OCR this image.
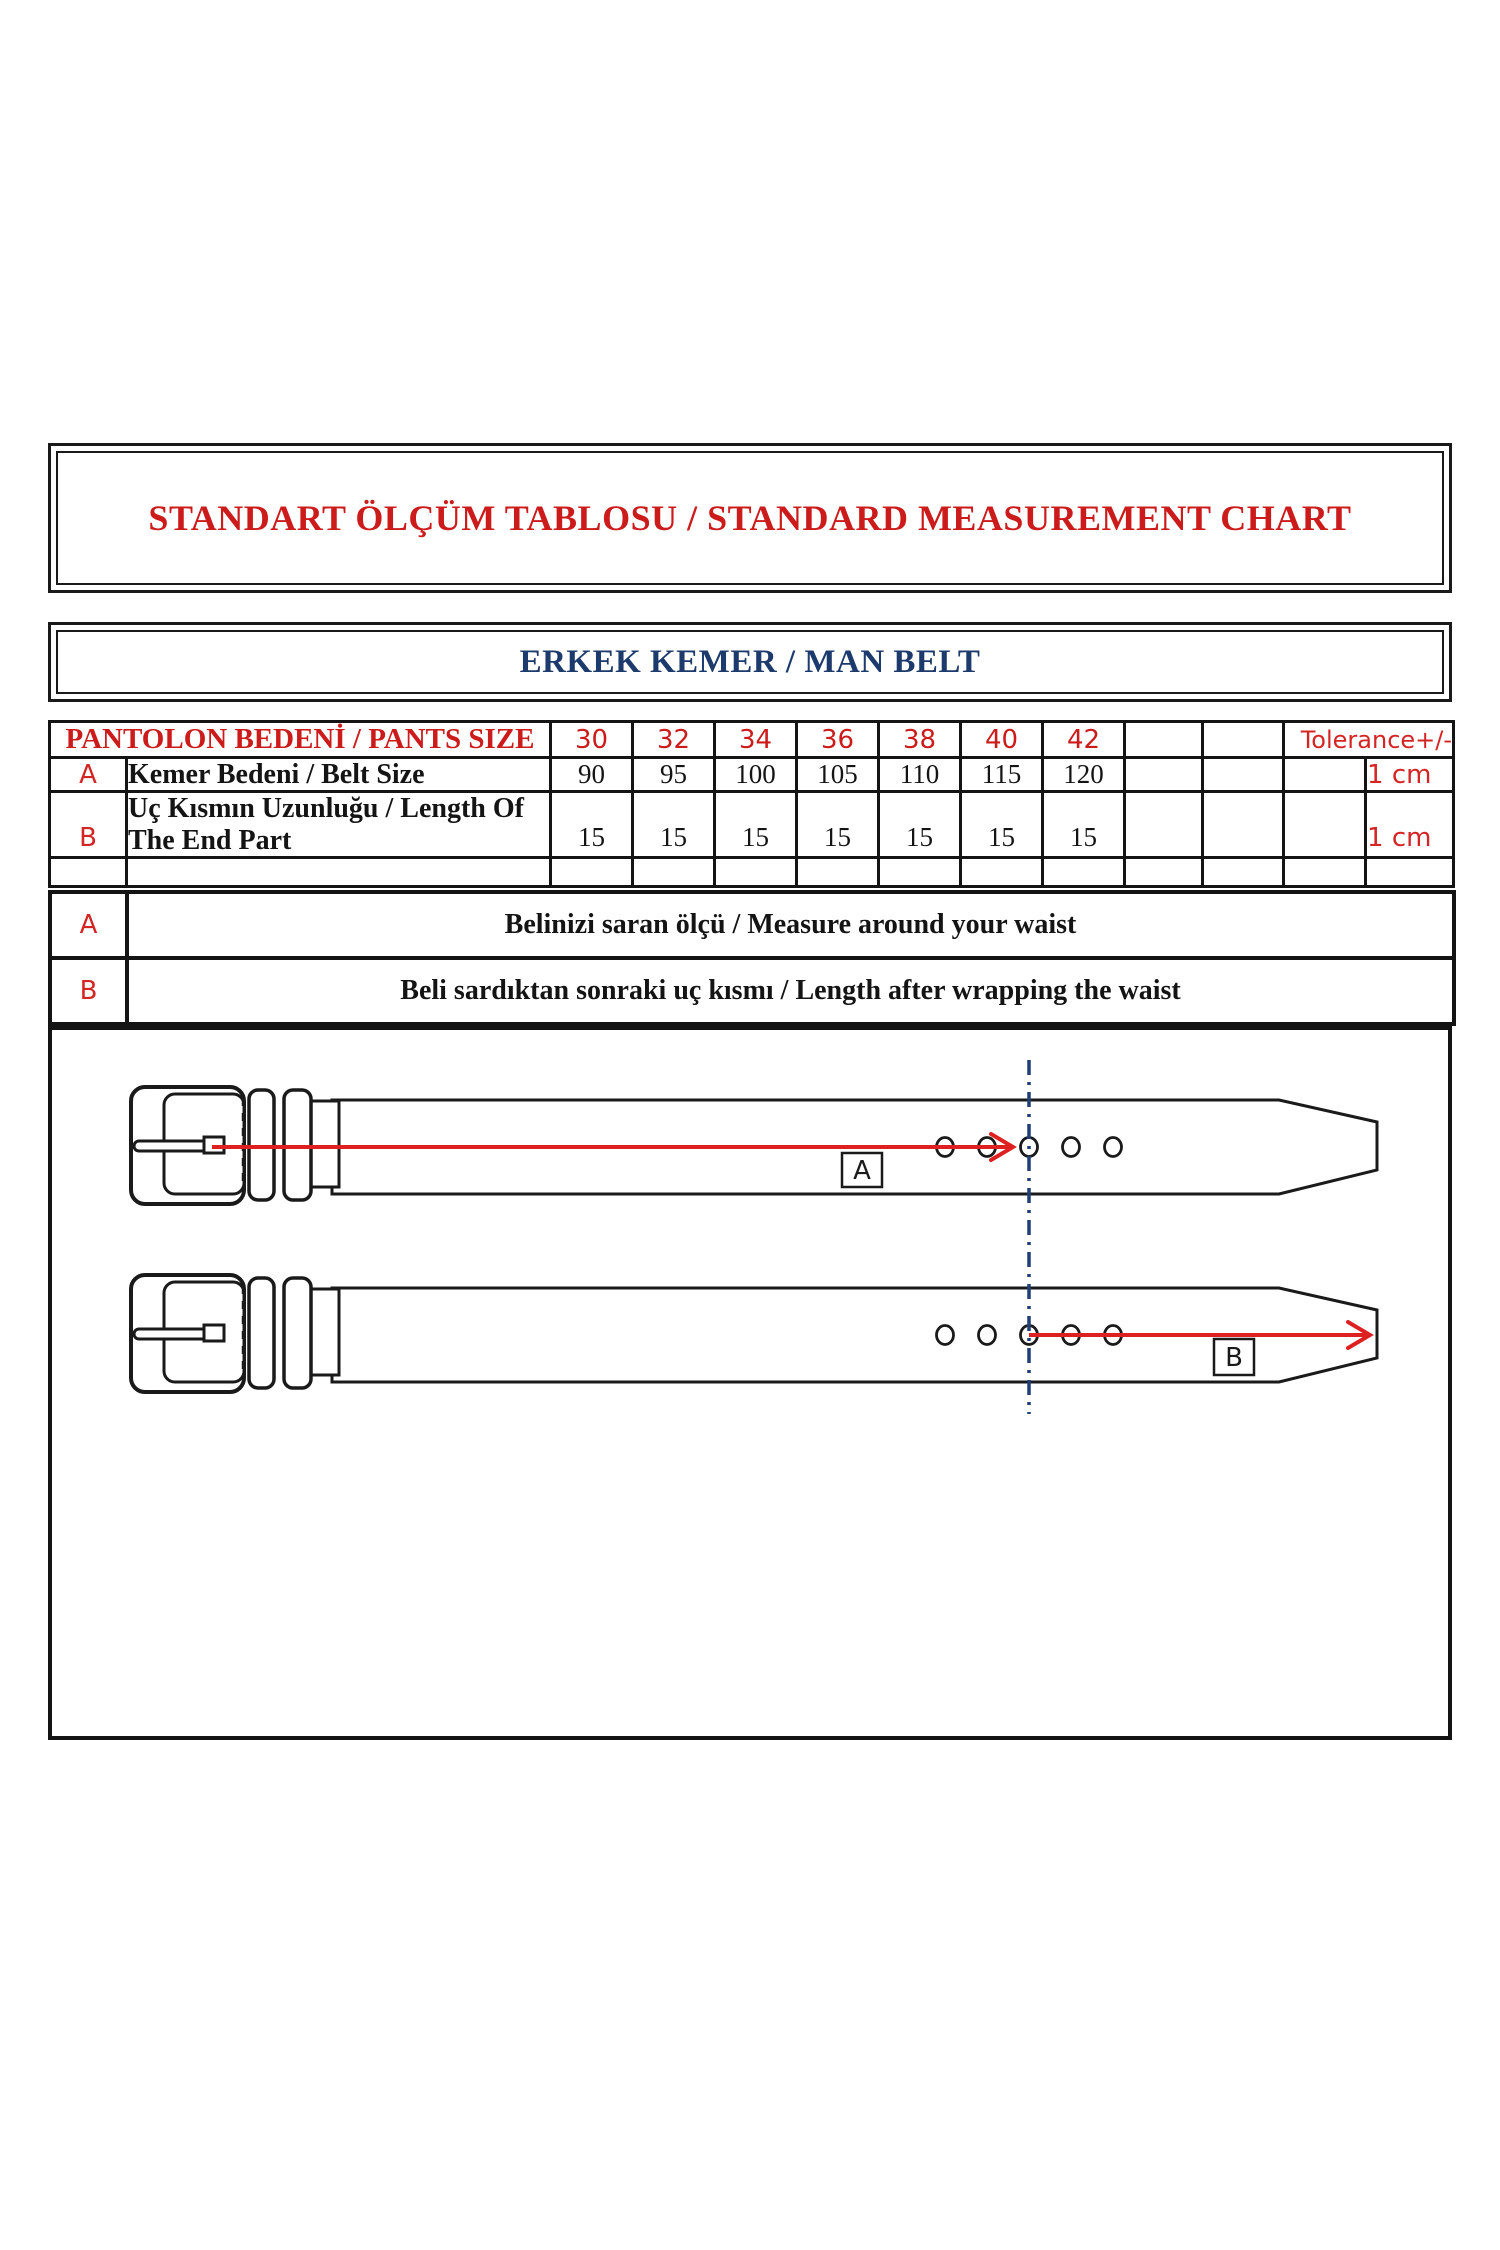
STANDART ÖLÇÜM TABLOSU / STANDARD MEASUREMENT CHART
ERKEK KEMER / MAN BELT
PANTOLON BEDENİ / PANTS SIZE		30	32	34	36	38	40	42			Tolerance+/-	
A	Kemer Bedeni / Belt Size	90	95	100	105	110	115	120				1 cm
B	Uç Kısmın Uzunluğu / Length Of The End Part	15	15	15	15	15	15	15				1 cm

A	Belinizi saran ölçü / Measure around your waist
B	Beli sardıktan sonraki uç kısmı / Length after wrapping the waist
A
B
